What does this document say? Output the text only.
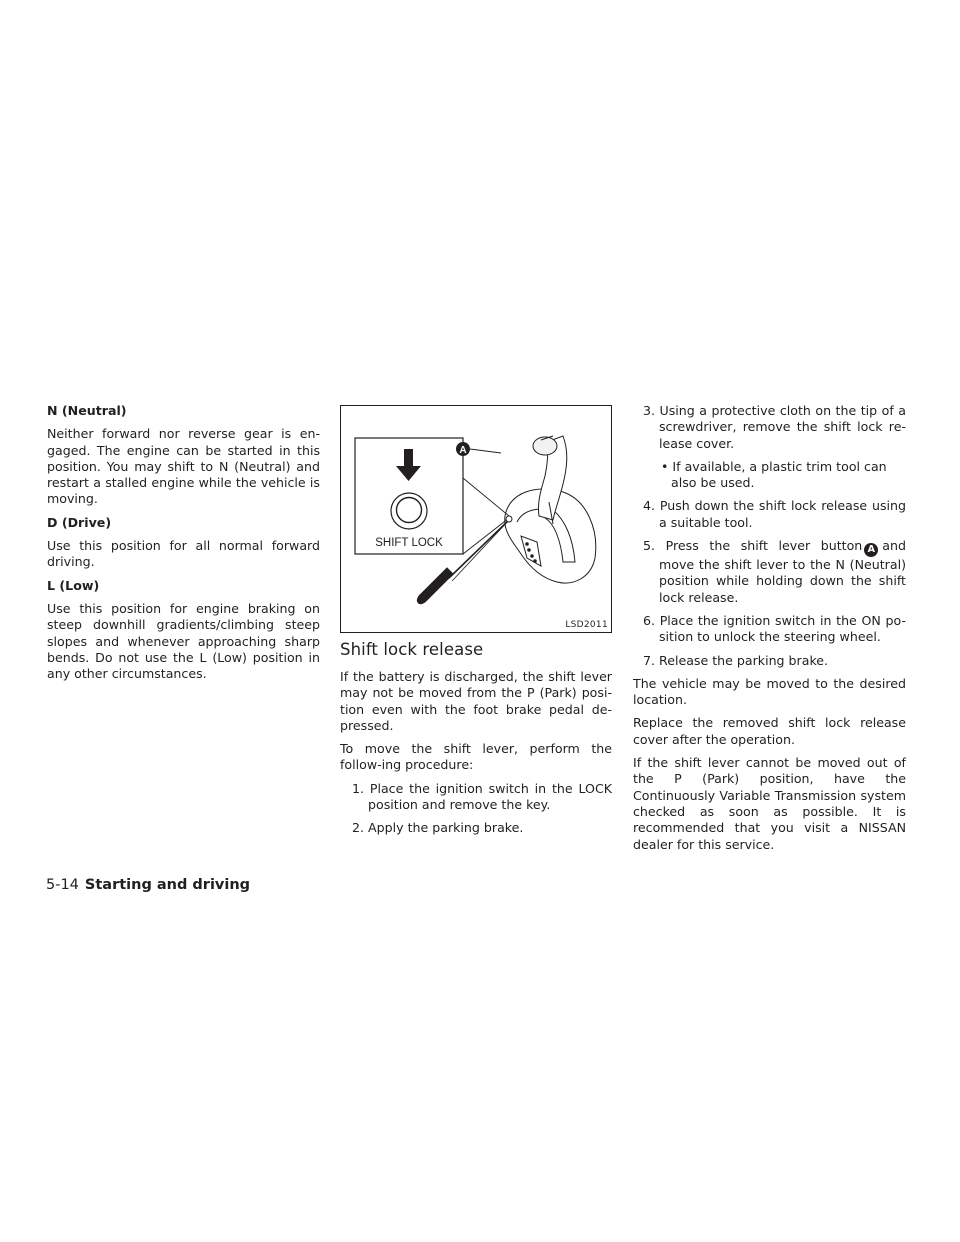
N (Neutral)

Neither forward nor reverse gear is en-gaged. The engine can be started in this position. You may shift to N (Neutral) and restart a stalled engine while the vehicle is moving.

D (Drive)

Use this position for all normal forward driving.

L (Low)

Use this position for engine braking on steep downhill gradients/climbing steep slopes and whenever approaching sharp bends. Do not use the L (Low) position in any other circumstances.

SHIFT LOCK
A
LSD2011
Shift lock release

If the battery is discharged, the shift lever may not be moved from the P (Park) posi-tion even with the foot brake pedal de-pressed.

To move the shift lever, perform the follow-ing procedure:

1. Place the ignition switch in the LOCK position and remove the key.
2. Apply the parking brake.
3. Using a protective cloth on the tip of a screwdriver, remove the shift lock re-lease cover.
• If available, a plastic trim tool can also be used.
4. Push down the shift lock release using a suitable tool.
5. Press the shift lever button A and move the shift lever to the N (Neutral) position while holding down the shift lock release.
6. Place the ignition switch in the ON po-sition to unlock the steering wheel.
7. Release the parking brake.

The vehicle may be moved to the desired location.

Replace the removed shift lock release cover after the operation.

If the shift lever cannot be moved out of the P (Park) position, have the Continuously Variable Transmission system checked as soon as possible. It is recommended that you visit a NISSAN dealer for this service.

5-14 Starting and driving
